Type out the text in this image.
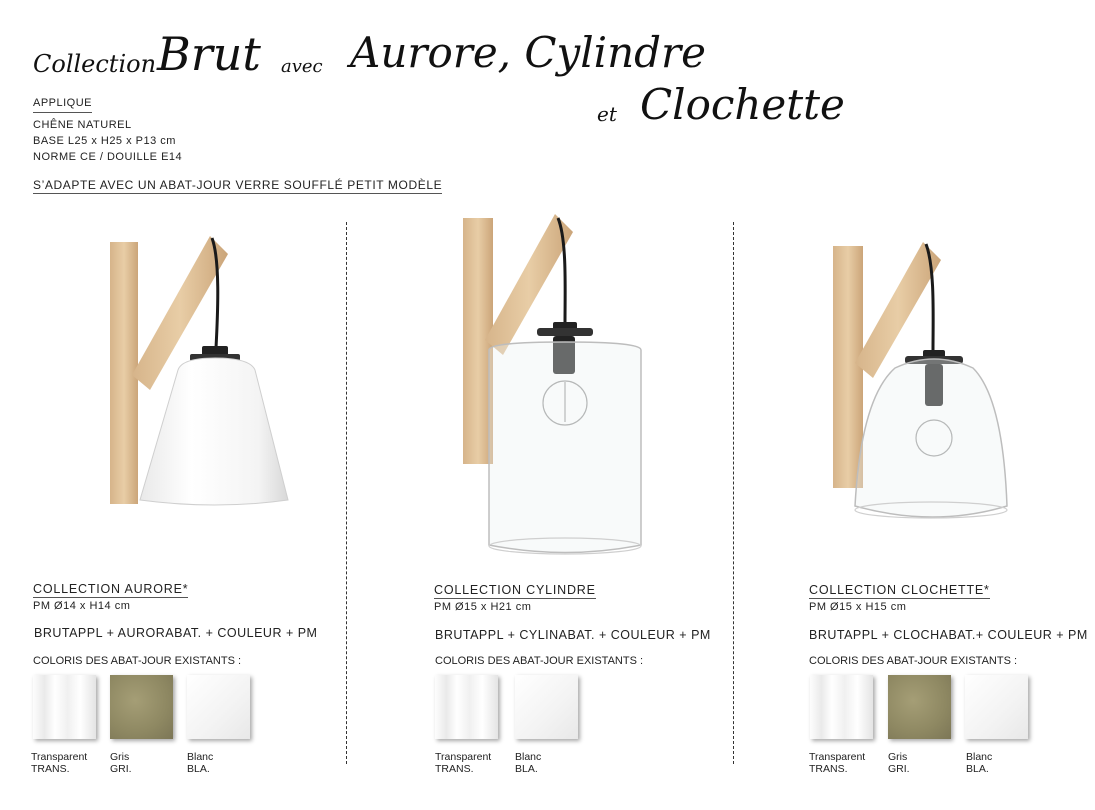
Collection Brut avec Aurore, Cylindre
et Clochette
APPLIQUE
CHÊNE NATUREL
BASE L25 x H25 x P13 cm
NORME CE / DOUILLE E14
S’ADAPTE AVEC UN ABAT-JOUR VERRE SOUFFLÉ PETIT MODÈLE
COLLECTION AURORE*
PM Ø14 x H14 cm
BRUTAPPL + AURORABAT. + COULEUR + PM
COLORIS DES ABAT-JOUR EXISTANTS :
Transparent
TRANS.
Gris
GRI.
Blanc
BLA.
COLLECTION CYLINDRE
PM Ø15 x H21 cm
BRUTAPPL + CYLINABAT. + COULEUR + PM
COLORIS DES ABAT-JOUR EXISTANTS :
Transparent
TRANS.
Blanc
BLA.
COLLECTION CLOCHETTE*
PM Ø15 x H15 cm
BRUTAPPL + CLOCHABAT.+ COULEUR + PM
COLORIS DES ABAT-JOUR EXISTANTS :
Transparent
TRANS.
Gris
GRI.
Blanc
BLA.
